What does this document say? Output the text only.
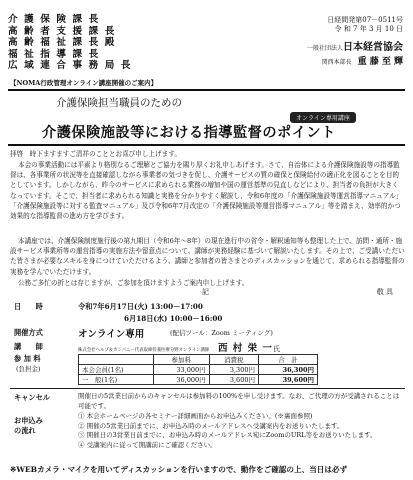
介 護 保 険 課 長
高 齢 者 支 援 課 長
高 齢 福 祉 課 長 殿
福 祉 指 導 課 長
広 域 連 合 事 務 局 長
日経間発第07－0511号
令 和 7 年 3 月 10 日
一般社団法人日本経営協会
関西本部長 重 藤 至 輝
【NOMA行政管理オンライン講座開催のご案内】
介護保険担当職員のための
オンライン専用講座
介護保険施設等における指導監督のポイント
拝啓　時下ますますご清祥のこととお喜び申し上げます。
本会の事業活動には平素より格別なるご理解とご協力を賜り厚くお礼申しあげます。さて、自治体による介護保険施設等の指導監督は、各事業所の状況等を直接確認しながら事業者の気づきを促し、介護サービスの質の確保と保険給付の適正化を図ることを目的としています。しかしながら、昨今のサービスに求められる業務の増加や国の運営基準の見直しなどにより、担当者の負担が大きくなっています。そこで、担当者に求められる知識と実務を分かりやすく解説し、令和6年度の「介護保険施設等運営指導マニュアル」「介護保険施設等に対する監査マニュアル」及び令和6年7月改定の「介護保険施設等運営指導マニュアル」等を踏まえ、効率的かつ効果的な指導監督の進め方を学びます。
本講座では、介護保険制度施行後の第九期目（令和6年～8年）の現在進行中の省令・解釈通知等も整理した上で、訪問・通所・施設サービス事業所等の運営指導の実施方法や留意点について、講師が実務経験に基づいて解説いたします。その上で、ご受講いただいた皆さまが必要なスキルを身につけていただけるよう、講師と参加者の皆さまとのディスカッションを通じて、求められる指導監督の実務を学んでいただけます。
公務ご多忙の折とは存じますが、ご参加を頂けますようご案内申し上げます。
記	敬 具
日　　時	令和7年6月17日(火) 13:00－17:00
6月18日(水) 10:00－16:00
開催方式	オンライン専用	(配信ツール：Zoom ミーティング)
講　　師	株式会社ヘルプ＆カンパニー代表取締役兼医療分野オンライン講師 西 村 栄 一氏
参 加 料
(負担金)
	参加料	消費税	合　計
本会会員(1名)	33,000円	3,300円	36,300円
一　般(1名)	36,000円	3,600円	39,600円
キャンセル	開催日の5営業日前からのキャンセルは参加料の100%を申し受けます。なお、ご代理の方が受講されることは可能です。
お申込み
の流れ
① 本会ホームページの各セミナー詳細画面からお申込みください。(※裏面参照)
② 開催の5営業日前までに、お申込み時のメールアドレスへ受講案内をお送りいたします。
③ 開催日の3営業日前までに、お申込み時のメールアドレス宛にZoomのURL等をお送りいたします。
④ 受講案内に従って開講前にご確認ください。
※WEBカメラ・マイクを用いてディスカッションを行いますので、動作をご確認の上、当日は必ず
